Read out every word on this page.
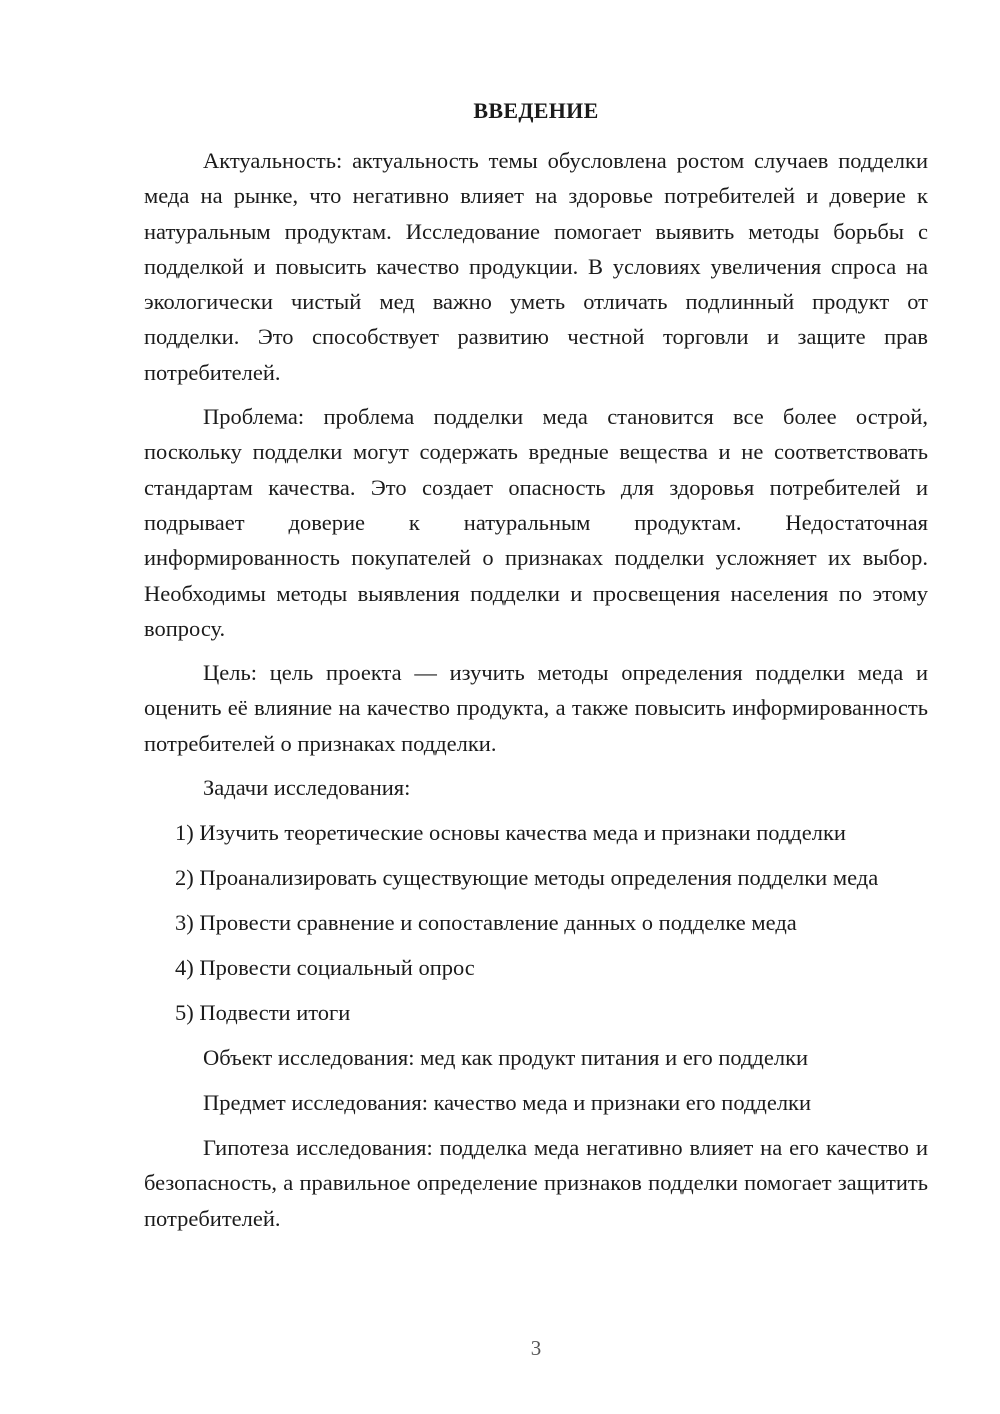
ВВЕДЕНИЕ

Актуальность: актуальность темы обусловлена ростом случаев подделки меда на рынке, что негативно влияет на здоровье потребителей и доверие к натуральным продуктам. Исследование помогает выявить методы борьбы с подделкой и повысить качество продукции. В условиях увеличения спроса на экологически чистый мед важно уметь отличать подлинный продукт от подделки. Это способствует развитию честной торговли и защите прав потребителей.

Проблема: проблема подделки меда становится все более острой, поскольку подделки могут содержать вредные вещества и не соответствовать стандартам качества. Это создает опасность для здоровья потребителей и подрывает доверие к натуральным продуктам. Недостаточная информированность покупателей о признаках подделки усложняет их выбор. Необходимы методы выявления подделки и просвещения населения по этому вопросу.

Цель: цель проекта — изучить методы определения подделки меда и оценить её влияние на качество продукта, а также повысить информированность потребителей о признаках подделки.

Задачи исследования:

1) Изучить теоретические основы качества меда и признаки подделки

2) Проанализировать существующие методы определения подделки меда

3) Провести сравнение и сопоставление данных о подделке меда

4) Провести социальный опрос

5) Подвести итоги

Объект исследования: мед как продукт питания и его подделки

Предмет исследования: качество меда и признаки его подделки

Гипотеза исследования: подделка меда негативно влияет на его качество и безопасность, а правильное определение признаков подделки помогает защитить потребителей.

3
